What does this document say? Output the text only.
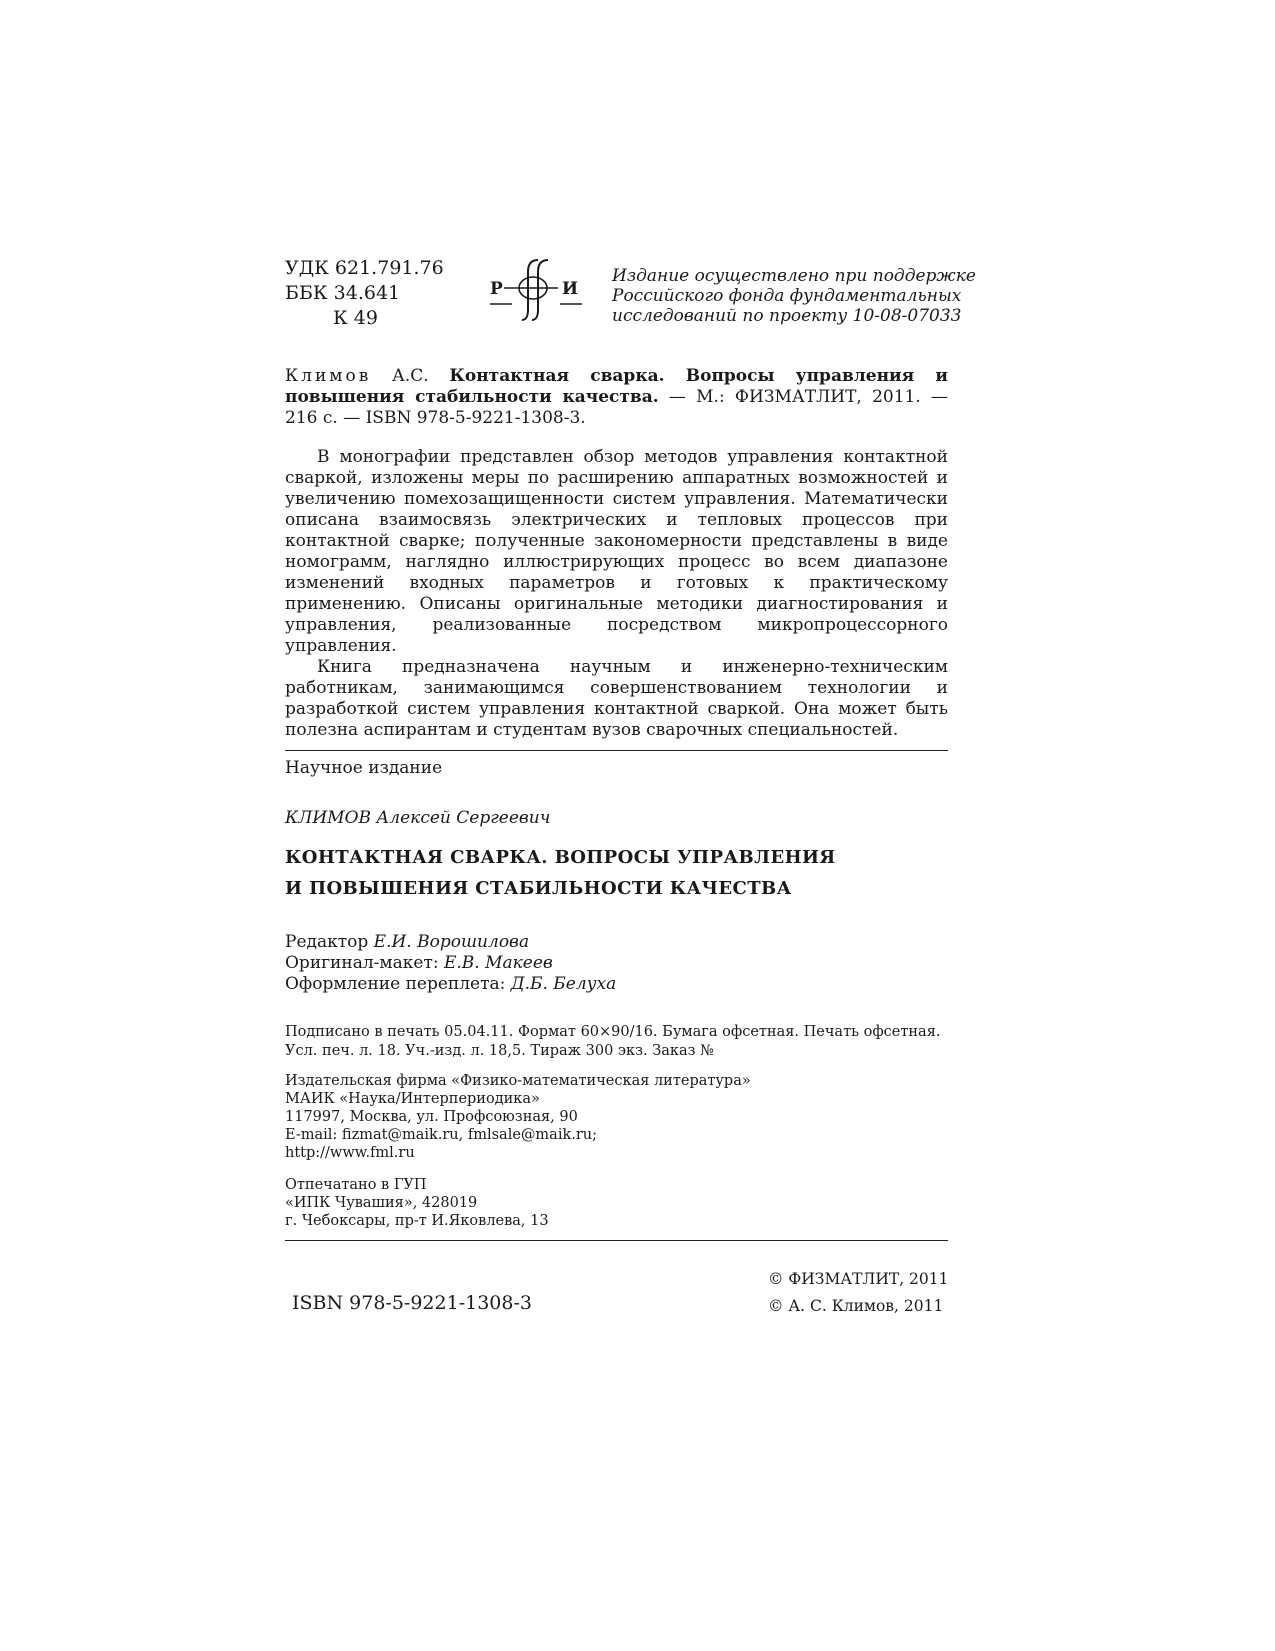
УДК 621.791.76
ББК 34.641
К 49
Р	И
Издание осуществлено при поддержке
Российского фонда фундаментальных
исследований по проекту 10-08-07033
Климов А.С. Контактная сварка. Вопросы управления и повышения стабильности качества. — М.: ФИЗМАТЛИТ, 2011. — 216 с. — ISBN 978-5-9221-1308-3.

В монографии представлен обзор методов управления контактной сваркой, изложены меры по расширению аппаратных возможностей и увеличению помехозащищенности систем управления. Математически описана взаимосвязь электрических и тепловых процессов при контактной сварке; полученные закономерности представлены в виде номограмм, наглядно иллюстрирующих процесс во всем диапазоне изменений входных параметров и готовых к практическому применению. Описаны оригинальные методики диагностирования и управления, реализованные посредством микропроцессорного управления.

Книга предназначена научным и инженерно-техническим работникам, занимающимся совершенствованием технологии и разработкой систем управления контактной сваркой. Она может быть полезна аспирантам и студентам вузов сварочных специальностей.

Научное издание
КЛИМОВ Алексей Сергеевич
КОНТАКТНАЯ СВАРКА. ВОПРОСЫ УПРАВЛЕНИЯ
И ПОВЫШЕНИЯ СТАБИЛЬНОСТИ КАЧЕСТВА
Редактор Е.И. Ворошилова
Оригинал-макет: Е.В. Макеев
Оформление переплета: Д.Б. Белуха
Подписано в печать 05.04.11. Формат 60×90/16. Бумага офсетная. Печать офсетная.
Усл. печ. л. 18. Уч.-изд. л. 18,5. Тираж 300 экз. Заказ №
Издательская фирма «Физико-математическая литература»
МАИК «Наука/Интерпериодика»
117997, Москва, ул. Профсоюзная, 90
E-mail: fizmat@maik.ru, fmlsale@maik.ru;
http://www.fml.ru
Отпечатано в ГУП
«ИПК Чувашия», 428019
г. Чебоксары, пр-т И.Яковлева, 13
ISBN 978-5-9221-1308-3
© ФИЗМАТЛИТ, 2011
© А. С. Климов, 2011
